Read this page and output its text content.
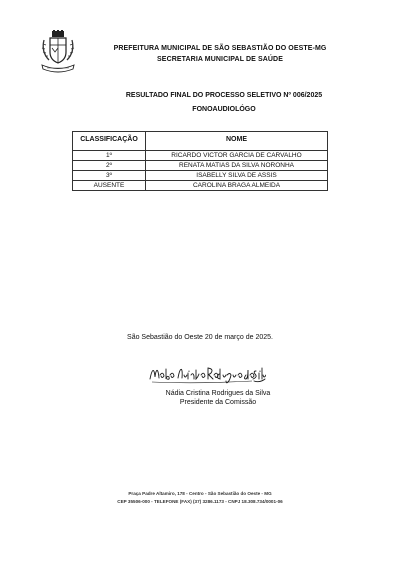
PREFEITURA MUNICIPAL DE SÃO SEBASTIÃO DO OESTE-MG
SECRETARIA MUNICIPAL DE SAÚDE
RESULTADO FINAL DO PROCESSO SELETIVO Nº 006/2025
FONOAUDIOLÓGO
CLASSIFICAÇÃO	NOME
1º	RICARDO VICTOR GARCIA DE CARVALHO
2º	RENATA MATIAS DA SILVA NORONHA
3º	ISABELLY SILVA DE ASSIS
AUSENTE	CAROLINA BRAGA ALMEIDA
São Sebastião do Oeste 20 de março de 2025.
Nádia Cristina Rodrigues da Silva
Presidente da Comissão
Praça Padre Altamiro, 178 - Centro - São Sebastião do Oeste - MG
CEP 35506-000 - TELEFONE (FAX) (37) 3286.1173 - CNPJ 18.308.734/0001-06
